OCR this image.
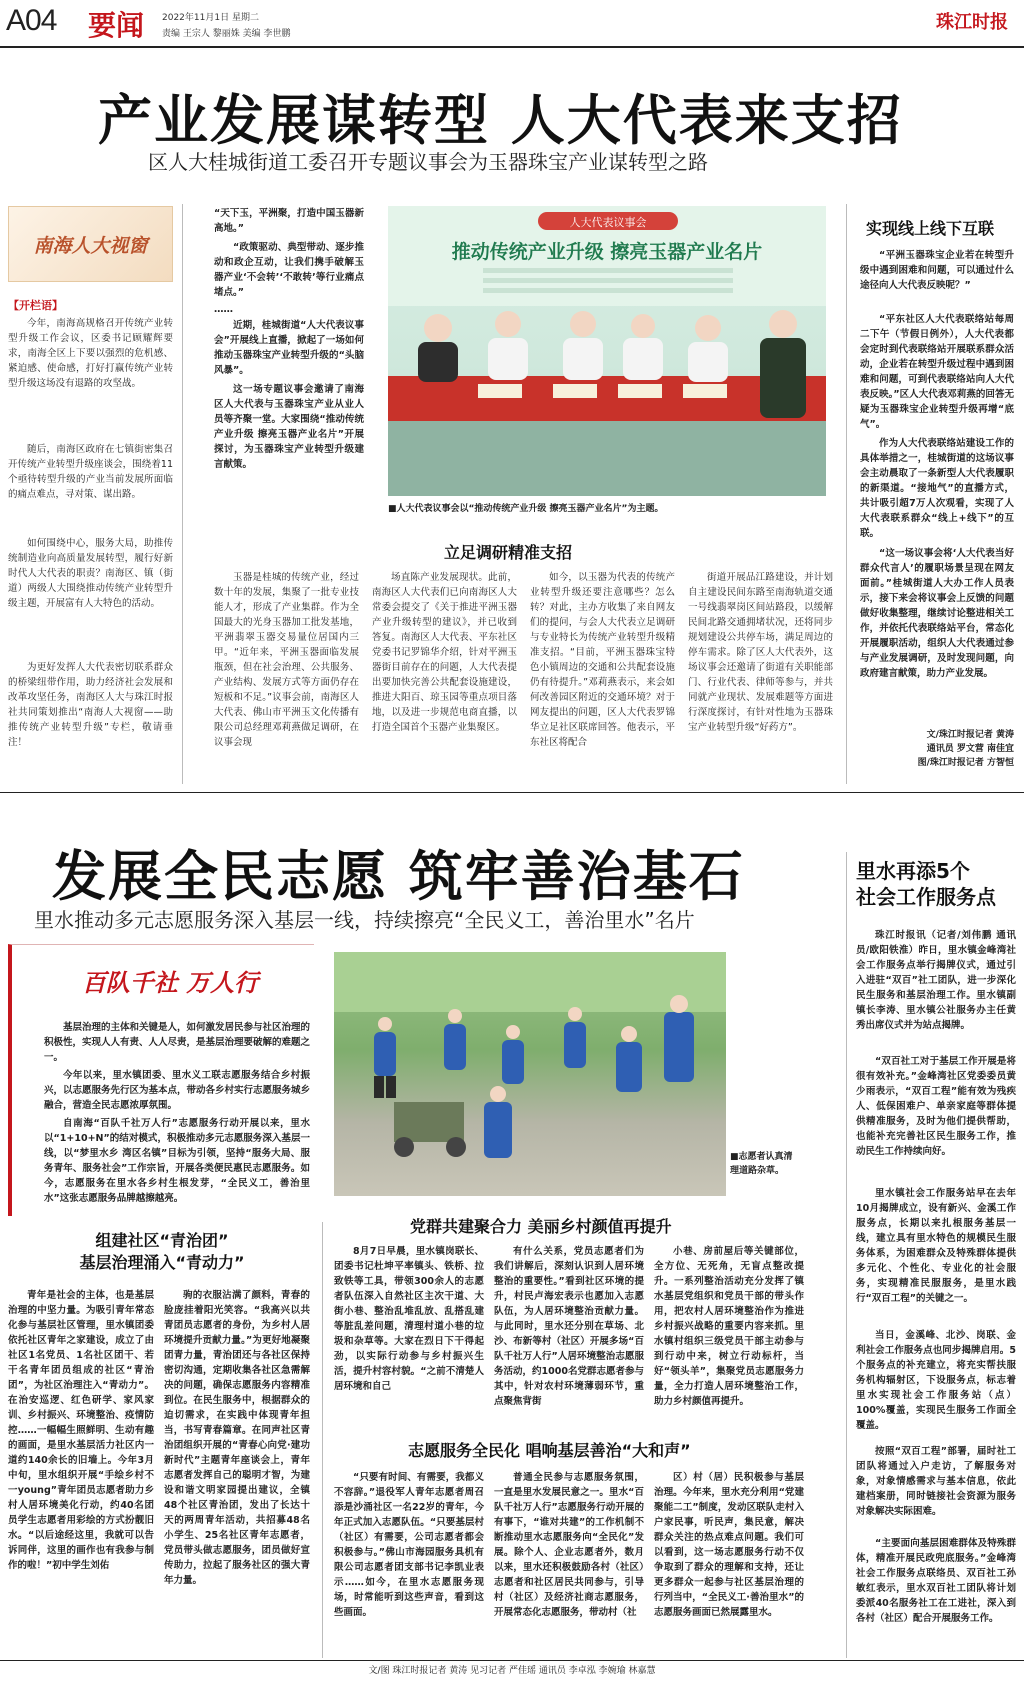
A04 要闻 2022年11月1日 星期二
责编 王宗人 黎丽姝 美编 李世鹏
珠江时报
产业发展谋转型 人大代表来支招
区人大桂城街道工委召开专题议事会为玉器珠宝产业谋转型之路
南海人大视窗
【开栏语】
今年，南海高规格召开传统产业转型升级工作会议，区委书记顾耀辉要求，南海全区上下要以强烈的危机感、紧迫感、使命感，打好打赢传统产业转型升级这场没有退路的攻坚战。
随后，南海区政府在七镇街密集召开传统产业转型升级座谈会，围绕着11个亟待转型升级的产业当前发展所面临的痛点难点，寻对策、谋出路。
如何围绕中心，服务大局，助推传统制造业向高质量发展转型，履行好新时代人大代表的职责？南海区、镇（街道）两级人大围绕推动传统产业转型升级主题，开展富有人大特色的活动。
为更好发挥人大代表密切联系群众的桥梁纽带作用，助力经济社会发展和改革攻坚任务，南海区人大与珠江时报社共同策划推出“南海人大视窗——助推传统产业转型升级”专栏，敬请垂注！
“天下玉，平洲聚，打造中国玉器新高地。”
“政策驱动、典型带动、逐步推动和政企互动，让我们携手破解玉器产业‘不会转’‘不敢转’等行业痛点堵点。”
……
近期，桂城街道“人大代表议事会”开展线上直播，掀起了一场如何推动玉器珠宝产业转型升级的“头脑风暴”。
这一场专题议事会邀请了南海区人大代表与玉器珠宝产业从业人员等齐聚一堂。大家围绕“推动传统产业升级 擦亮玉器产业名片”开展探讨，为玉器珠宝产业转型升级建言献策。
人大代表议事会
推动传统产业升级 擦亮玉器产业名片
■人大代表议事会以“推动传统产业升级 擦亮玉器产业名片”为主题。
立足调研精准支招
玉器是桂城的传统产业，经过数十年的发展，集聚了一批专业技能人才，形成了产业集群。作为全国最大的光身玉器加工批发基地，平洲翡翠玉器交易量位居国内三甲。“近年来，平洲玉器面临发展瓶颈，但在社会治理、公共服务、产业结构、发展方式等方面仍存在短板和不足。”议事会前，南海区人大代表、佛山市平洲玉文化传播有限公司总经理邓莉燕做足调研，在议事会现
场直陈产业发展现状。此前，南海区人大代表们已向南海区人大常委会提交了《关于推进平洲玉器产业升级转型的建议》，并已收到答复。南海区人大代表、平东社区党委书记罗锦华介绍，针对平洲玉器街目前存在的问题，人大代表提出要加快完善公共配套设施建设，推进大阳百、琼玉园等重点项目落地，以及进一步规范电商直播，以打造全国首个玉器产业集聚区。
如今，以玉器为代表的传统产业转型升级还要注意哪些？怎么转？对此，主办方收集了来自网友们的提问，与会人大代表立足调研与专业特长为传统产业转型升级精准支招。“目前，平洲玉器珠宝特色小镇周边的交通和公共配套设施仍有待提升。”邓莉燕表示，来会如何改善园区附近的交通环境？对于网友提出的问题，区人大代表罗锦华立足社区联席回答。他表示，平东社区将配合
街道开展品江路建设，并计划自主建设民间东路至南海轨道交通一号线翡翠岗区间站路段，以缓解民间北路交通拥堵状况，还将同步规划建设公共停车场，满足周边的停车需求。除了区人大代表外，这场议事会还邀请了街道有关职能部门、行业代表、律师等参与，并共同就产业现状、发展难题等方面进行深度探讨，有针对性地为玉器珠宝产业转型升级“好药方”。
实现线上线下互联
“平洲玉器珠宝企业若在转型升级中遇到困难和问题，可以通过什么途径向人大代表反映呢？”
“平东社区人大代表联络站每周二下午（节假日例外），人大代表都会定时到代表联络站开展联系群众活动，企业若在转型升级过程中遇到困难和问题，可到代表联络站向人大代表反映。”区人大代表邓莉燕的回答无疑为玉器珠宝企业转型升级再增“底气”。
作为人大代表联络站建设工作的具体举措之一，桂城街道的这场议事会主动晨取了一条新型人大代表履职的新渠道。“接地气”的直播方式，共计吸引超7万人次观看，实现了人大代表联系群众“线上+线下”的互联。
“这一场议事会将‘人大代表当好群众代言人’的履职场景呈现在网友面前。”桂城街道人大办工作人员表示，接下来会将议事会上反馈的问题做好收集整理，继续讨论整进相关工作，并依托代表联络站平台，常态化开展履职活动，组织人大代表通过参与产业发展调研，及时发现问题，向政府建言献策，助力产业发展。
文/珠江时报记者 黄涛
通讯员 罗文营 南佳宜
图/珠江时报记者 方智恒
发展全民志愿 筑牢善治基石
里水推动多元志愿服务深入基层一线，持续擦亮“全民义工，善治里水”名片
百队千社 万人行
基层治理的主体和关键是人，如何激发居民参与社区治理的积极性，实现人人有责、人人尽责，是基层治理要破解的难题之一。
今年以来，里水镇团委、里水义工联志愿服务结合乡村振兴，以志愿服务先行区为基本点，带动各乡村实行志愿服务城乡融合，营造全民志愿浓厚氛围。
自南海“百队千社万人行”志愿服务行动开展以来，里水以“1+10+N”的结对模式，积极推动多元志愿服务深入基层一线，以“梦里水乡 湾区名镇”目标为引领，坚持“服务大局、服务青年、服务社会”工作宗旨，开展各类便民惠民志愿服务。如今，志愿服务在里水各乡村生根发芽，“全民义工，善治里水”这张志愿服务品牌越擦越亮。
■志愿者认真清理道路杂草。
组建社区“青治团”
基层治理涌入“青动力”
青年是社会的主体，也是基层治理的中坚力量。为吸引青年常态化参与基层社区管理，里水镇团委依托社区青年之家建设，成立了由社区1名党员、1名社区团干、若干名青年团员组成的社区“青治团”，为社区治理注入“青动力”。在治安巡逻、红色研学、家风家训、乡村振兴、环境整治、疫情防控……一幅幅生照鲜明、生动有趣的画面，是里水基层活力社区内一道约140余长的旧墙上。今年3月中旬，里水组织开展“手绘乡村不一young”青年团员志愿者助力乡村人居环境美化行动，约40名团员学生志愿者用彩绘的方式扮靓旧水。“以后途经这里，我就可以告诉同伴，这里的画作也有我参与制作的啦！”初中学生刘佑
驹的衣服沾满了颜料，青春的脸庞挂着阳光笑容。“我高兴以共青团员志愿者的身份，为乡村人居环境提升贡献力量。”为更好地凝聚团青力量，青治团还与各社区保持密切沟通，定期收集各社区急需解决的问题，确保志愿服务内容精准到位。在民生服务中，根据群众的迫切需求，在实践中体现青年担当，书写青春篇章。在同声社区青治团组织开展的“青春心向党·建功新时代”主题青年座谈会上，青年志愿者发挥自己的聪明才智，为建设和谐文明家园提出建议，全镇48个社区青治团，发出了长达十天的两周青年活动，共招募48名小学生、25名社区青年志愿者，党员带头做志愿服务，团员做好宣传助力，拉起了服务社区的强大青年力量。
党群共建聚合力 美丽乡村颜值再提升
8月7日早晨，里水镇岗联长、团委书记杜坤平率镇头、铁桥、拉致铁等工具，带领300余人的志愿者队伍深入自然社区主次干道、大街小巷、整治乱堆乱放、乱搭乱建等脏乱差问题，清理村道小巷的垃圾和杂草等。大家在烈日下干得起劲，以实际行动参与乡村振兴生活，提升村容村貌。“之前不清楚人居环境和自己
有什么关系，党员志愿者们为我们讲解后，深刻认识到人居环境整治的重要性。”看到社区环境的提升，村民卢海宏表示也愿加入志愿队伍，为人居环境整治贡献力量。与此同时，里水还分别在草场、北沙、布新等村（社区）开展多场“百队千社万人行”人居环境整治志愿服务活动，约1000名党群志愿者参与其中，针对农村环境薄弱环节，重点聚焦背街
小巷、房前屋后等关键部位，全方位、无死角，无盲点整改提升。一系列整治活动充分发挥了镇水基层党组织和党员干部的带头作用，把农村人居环境整治作为推进乡村振兴战略的重要内容来抓。里水镇村组织三级党员干部主动参与到行动中来，树立行动标杆，当好“领头羊”，集聚党员志愿服务力量，全力打造人居环境整治工作，助力乡村颜值再提升。
志愿服务全民化 唱响基层善治“大和声”
“只要有时间、有需要，我都义不容辞。”退役军人青年志愿者周召添是沙涌社区一名22岁的青年，今年正式加入志愿队伍。“只要基层村（社区）有需要，公司志愿者都会积极参与。”佛山市海园服务具机有限公司志愿者团支部书记李凯业表示……如今，在里水志愿服务现场，时常能听到这些声音，看到这些画面。
普通全民参与志愿服务氛围，一直是里水发展民意之一。里水“百队千社万人行”志愿服务行动开展的有事下，“谁对共建”的工作机制不断推动里水志愿服务向“全民化”发展。除个人、企业志愿者外，数月以来，里水还积极鼓励各村（社区）志愿者和社区居民共同参与，引导村（社区）及经济社商志愿服务，开展常态化志愿服务，带动村（社
区）村（居）民积极参与基层治理。今年来，里水充分利用“党建聚能二工”制度，发动区联队走村入户家民事，听民声，集民意，解决群众关注的热点难点问题。我们可以看到，这一场志愿服务行动不仅争取到了群众的理解和支持，还让更多群众一起参与社区基层治理的行列当中，“全民义工·善治里水”的志愿服务画面已然展露里水。
里水再添5个
社会工作服务点
珠江时报讯（记者/刘伟鹏 通讯员/欧阳铁淮）昨日，里水镇金峰湾社会工作服务点举行揭牌仪式，通过引入进驻“双百”社工团队，进一步深化民生服务和基层治理工作。里水镇副镇长李涛、里水镇公社服务办主任黄秀出席仪式并为站点揭牌。
“双百社工对于基层工作开展是将很有效补充。”金峰湾社区党委委员黄少雨表示，“双百工程”能有效为残疾人、低保困难户、单亲家庭等群体提供精准服务，及时为他们提供帮助，也能补充完善社区民生服务工作，推动民生工作持续向好。
里水镇社会工作服务站早在去年10月揭牌成立，设有新兴、金溪工作服务点，长期以来扎根服务基层一线，建立具有里水特色的规模民生服务体系，为困难群众及特殊群体提供多元化、个性化、专业化的社会服务，实现精准民服服务，是里水践行“双百工程”的关键之一。
当日，金溪峰、北沙、岗联、金利社会工作服务点也同步揭牌启用。5个服务点的补充建立，将充实帮扶服务机构辐射区，下设服务点，标志着里水实现社会工作服务站（点）100%覆盖，实现民生服务工作面全覆盖。
按照“双百工程”部署，届时社工团队将通过入户走访，了解服务对象，对象情感需求与基本信息，依此建档案册，同时链接社会资源为服务对象解决实际困难。
“主要面向基层困难群体及特殊群体，精准开展民政兜底服务。”金峰湾社会工作服务点联络员、双百社工孙敏红表示，里水双百社工团队将计划委派40名服务社工在工进社，深入到各村（社区）配合开展服务工作。
文/图 珠江时报记者 黄涛 见习记者 严佳瑶 通讯员 李卓泓 李婉瑜 林嘉慧
